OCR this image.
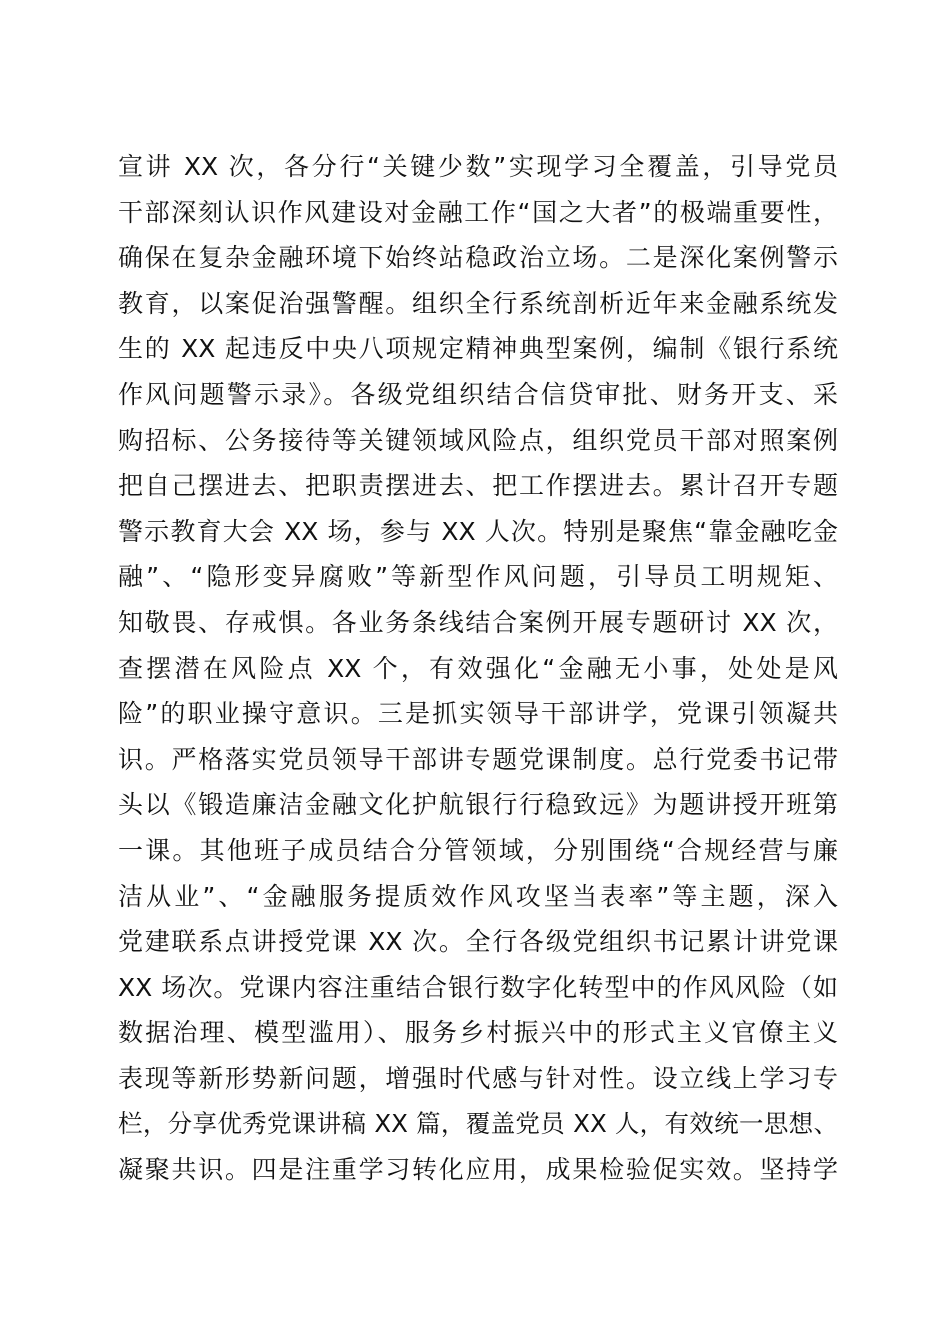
宣讲 XX 次，各分行“关键少数”实现学习全覆盖，引导党员
干部深刻认识作风建设对金融工作“国之大者”的极端重要性，
确保在复杂金融环境下始终站稳政治立场。二是深化案例警示
教育，以案促治强警醒。组织全行系统剖析近年来金融系统发
生的 XX 起违反中央八项规定精神典型案例，编制《银行系统
作风问题警示录》。各级党组织结合信贷审批、财务开支、采
购招标、公务接待等关键领域风险点，组织党员干部对照案例
把自己摆进去、把职责摆进去、把工作摆进去。累计召开专题
警示教育大会 XX 场，参与 XX 人次。特别是聚焦“靠金融吃金
融”、“隐形变异腐败”等新型作风问题，引导员工明规矩、
知敬畏、存戒惧。各业务条线结合案例开展专题研讨 XX 次，
查摆潜在风险点 XX 个，有效强化“金融无小事，处处是风
险”的职业操守意识。三是抓实领导干部讲学，党课引领凝共
识。严格落实党员领导干部讲专题党课制度。总行党委书记带
头以《锻造廉洁金融文化护航银行行稳致远》为题讲授开班第
一课。其他班子成员结合分管领域，分别围绕“合规经营与廉
洁从业”、“金融服务提质效作风攻坚当表率”等主题，深入
党建联系点讲授党课 XX 次。全行各级党组织书记累计讲党课
XX 场次。党课内容注重结合银行数字化转型中的作风风险（如
数据治理、模型滥用）、服务乡村振兴中的形式主义官僚主义
表现等新形势新问题，增强时代感与针对性。设立线上学习专
栏，分享优秀党课讲稿 XX 篇，覆盖党员 XX 人，有效统一思想、
凝聚共识。四是注重学习转化应用，成果检验促实效。坚持学
